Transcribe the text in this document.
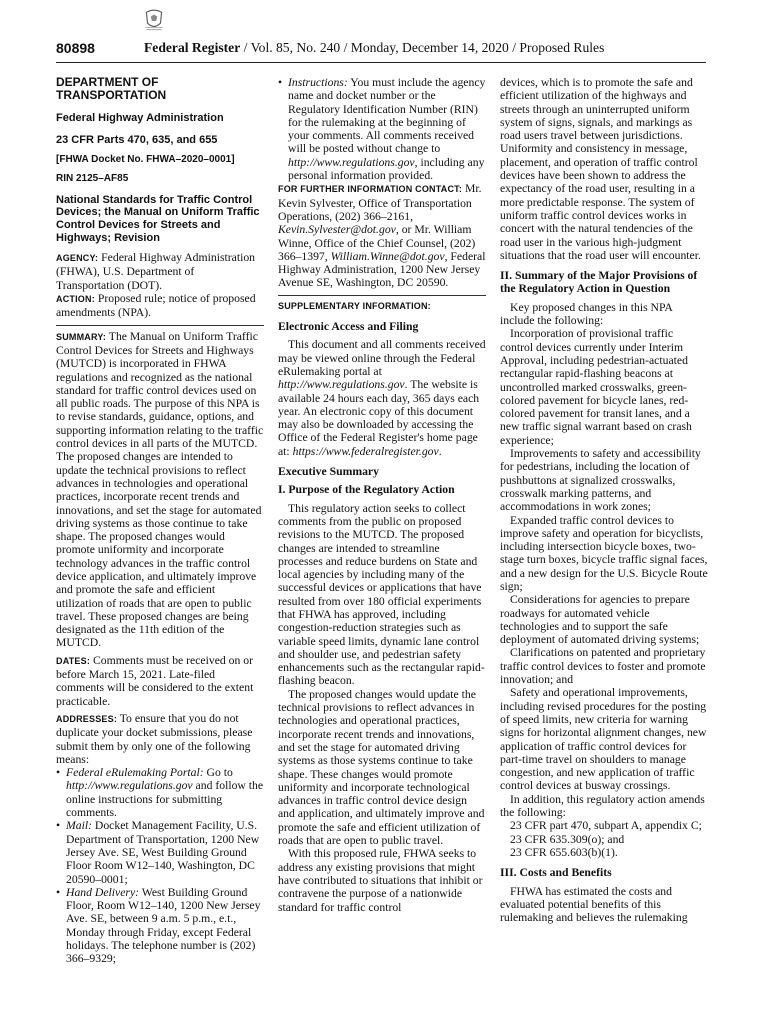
80898	Federal Register / Vol. 85, No. 240 / Monday, December 14, 2020 / Proposed Rules

DEPARTMENT OF TRANSPORTATION

Federal Highway Administration

23 CFR Parts 470, 635, and 655

[FHWA Docket No. FHWA–2020–0001]

RIN 2125–AF85

National Standards for Traffic Control Devices; the Manual on Uniform Traffic Control Devices for Streets and Highways; Revision

AGENCY: Federal Highway Administration (FHWA), U.S. Department of Transportation (DOT).

ACTION: Proposed rule; notice of proposed amendments (NPA).

SUMMARY: The Manual on Uniform Traffic Control Devices for Streets and Highways (MUTCD) is incorporated in FHWA regulations and recognized as the national standard for traffic control devices used on all public roads. The purpose of this NPA is to revise standards, guidance, options, and supporting information relating to the traffic control devices in all parts of the MUTCD. The proposed changes are intended to update the technical provisions to reflect advances in technologies and operational practices, incorporate recent trends and innovations, and set the stage for automated driving systems as those continue to take shape. The proposed changes would promote uniformity and incorporate technology advances in the traffic control device application, and ultimately improve and promote the safe and efficient utilization of roads that are open to public travel. These proposed changes are being designated as the 11th edition of the MUTCD.

DATES: Comments must be received on or before March 15, 2021. Late-filed comments will be considered to the extent practicable.

ADDRESSES: To ensure that you do not duplicate your docket submissions, please submit them by only one of the following means:

• Federal eRulemaking Portal: Go to http://www.regulations.gov and follow the online instructions for submitting comments.

• Mail: Docket Management Facility, U.S. Department of Transportation, 1200 New Jersey Ave. SE, West Building Ground Floor Room W12–140, Washington, DC 20590–0001;

• Hand Delivery: West Building Ground Floor, Room W12–140, 1200 New Jersey Ave. SE, between 9 a.m. 5 p.m., e.t., Monday through Friday, except Federal holidays. The telephone number is (202) 366–9329;

• Instructions: You must include the agency name and docket number or the Regulatory Identification Number (RIN) for the rulemaking at the beginning of your comments. All comments received will be posted without change to http://www.regulations.gov, including any personal information provided.

FOR FURTHER INFORMATION CONTACT: Mr. Kevin Sylvester, Office of Transportation Operations, (202) 366–2161, Kevin.Sylvester@dot.gov, or Mr. William Winne, Office of the Chief Counsel, (202) 366–1397, William.Winne@dot.gov, Federal Highway Administration, 1200 New Jersey Avenue SE, Washington, DC 20590.

SUPPLEMENTARY INFORMATION:

Electronic Access and Filing

This document and all comments received may be viewed online through the Federal eRulemaking portal at http://www.regulations.gov. The website is available 24 hours each day, 365 days each year. An electronic copy of this document may also be downloaded by accessing the Office of the Federal Register's home page at: https://www.federalregister.gov.

Executive Summary

I. Purpose of the Regulatory Action

This regulatory action seeks to collect comments from the public on proposed revisions to the MUTCD. The proposed changes are intended to streamline processes and reduce burdens on State and local agencies by including many of the successful devices or applications that have resulted from over 180 official experiments that FHWA has approved, including congestion-reduction strategies such as variable speed limits, dynamic lane control and shoulder use, and pedestrian safety enhancements such as the rectangular rapid-flashing beacon.

The proposed changes would update the technical provisions to reflect advances in technologies and operational practices, incorporate recent trends and innovations, and set the stage for automated driving systems as those systems continue to take shape. These changes would promote uniformity and incorporate technological advances in traffic control device design and application, and ultimately improve and promote the safe and efficient utilization of roads that are open to public travel.

With this proposed rule, FHWA seeks to address any existing provisions that might have contributed to situations that inhibit or contravene the purpose of a nationwide standard for traffic control

devices, which is to promote the safe and efficient utilization of the highways and streets through an uninterrupted uniform system of signs, signals, and markings as road users travel between jurisdictions. Uniformity and consistency in message, placement, and operation of traffic control devices have been shown to address the expectancy of the road user, resulting in a more predictable response. The system of uniform traffic control devices works in concert with the natural tendencies of the road user in the various high-judgment situations that the road user will encounter.

II. Summary of the Major Provisions of the Regulatory Action in Question

Key proposed changes in this NPA include the following:

Incorporation of provisional traffic control devices currently under Interim Approval, including pedestrian-actuated rectangular rapid-flashing beacons at uncontrolled marked crosswalks, green-colored pavement for bicycle lanes, red-colored pavement for transit lanes, and a new traffic signal warrant based on crash experience;

Improvements to safety and accessibility for pedestrians, including the location of pushbuttons at signalized crosswalks, crosswalk marking patterns, and accommodations in work zones;

Expanded traffic control devices to improve safety and operation for bicyclists, including intersection bicycle boxes, two-stage turn boxes, bicycle traffic signal faces, and a new design for the U.S. Bicycle Route sign;

Considerations for agencies to prepare roadways for automated vehicle technologies and to support the safe deployment of automated driving systems;

Clarifications on patented and proprietary traffic control devices to foster and promote innovation; and

Safety and operational improvements, including revised procedures for the posting of speed limits, new criteria for warning signs for horizontal alignment changes, new application of traffic control devices for part-time travel on shoulders to manage congestion, and new application of traffic control devices at busway crossings.

In addition, this regulatory action amends the following:

23 CFR part 470, subpart A, appendix C;

23 CFR 635.309(o); and

23 CFR 655.603(b)(1).

III. Costs and Benefits

FHWA has estimated the costs and evaluated potential benefits of this rulemaking and believes the rulemaking
